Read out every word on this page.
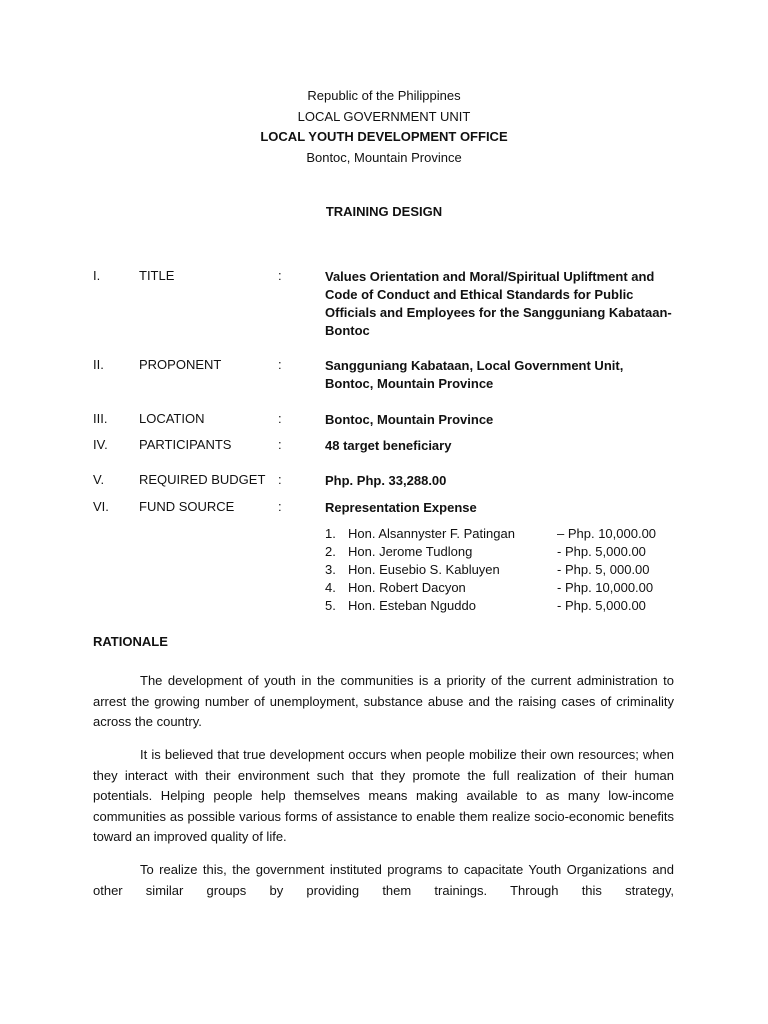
Republic of the Philippines
LOCAL GOVERNMENT UNIT
LOCAL YOUTH DEVELOPMENT OFFICE
Bontoc, Mountain Province
TRAINING DESIGN
I.	TITLE	:	Values Orientation and Moral/Spiritual Upliftment and Code of Conduct and Ethical Standards for Public Officials and Employees for the Sangguniang Kabataan-Bontoc
II.	PROPONENT	:	Sangguniang Kabataan, Local Government Unit, Bontoc, Mountain Province
III. LOCATION	:	Bontoc, Mountain Province
IV. PARTICIPANTS	:	48 target beneficiary
V.	REQUIRED BUDGET :	Php. Php. 33,288.00
VI. FUND SOURCE	:	Representation Expense
1. Hon. Alsannyster F. Patingan	– Php. 10,000.00
2. Hon. Jerome Tudlong	- Php. 5,000.00
3. Hon. Eusebio S. Kabluyen	- Php. 5, 000.00
4. Hon. Robert Dacyon	- Php. 10,000.00
5. Hon. Esteban Nguddo	- Php. 5,000.00
RATIONALE
The development of youth in the communities is a priority of the current administration to arrest the growing number of unemployment, substance abuse and the raising cases of criminality across the country.
It is believed that true development occurs when people mobilize their own resources; when they interact with their environment such that they promote the full realization of their human potentials. Helping people help themselves means making available to as many low-income communities as possible various forms of assistance to enable them realize socio-economic benefits toward an improved quality of life.
To realize this, the government instituted programs to capacitate Youth Organizations and other similar groups by providing them trainings. Through this strategy,
